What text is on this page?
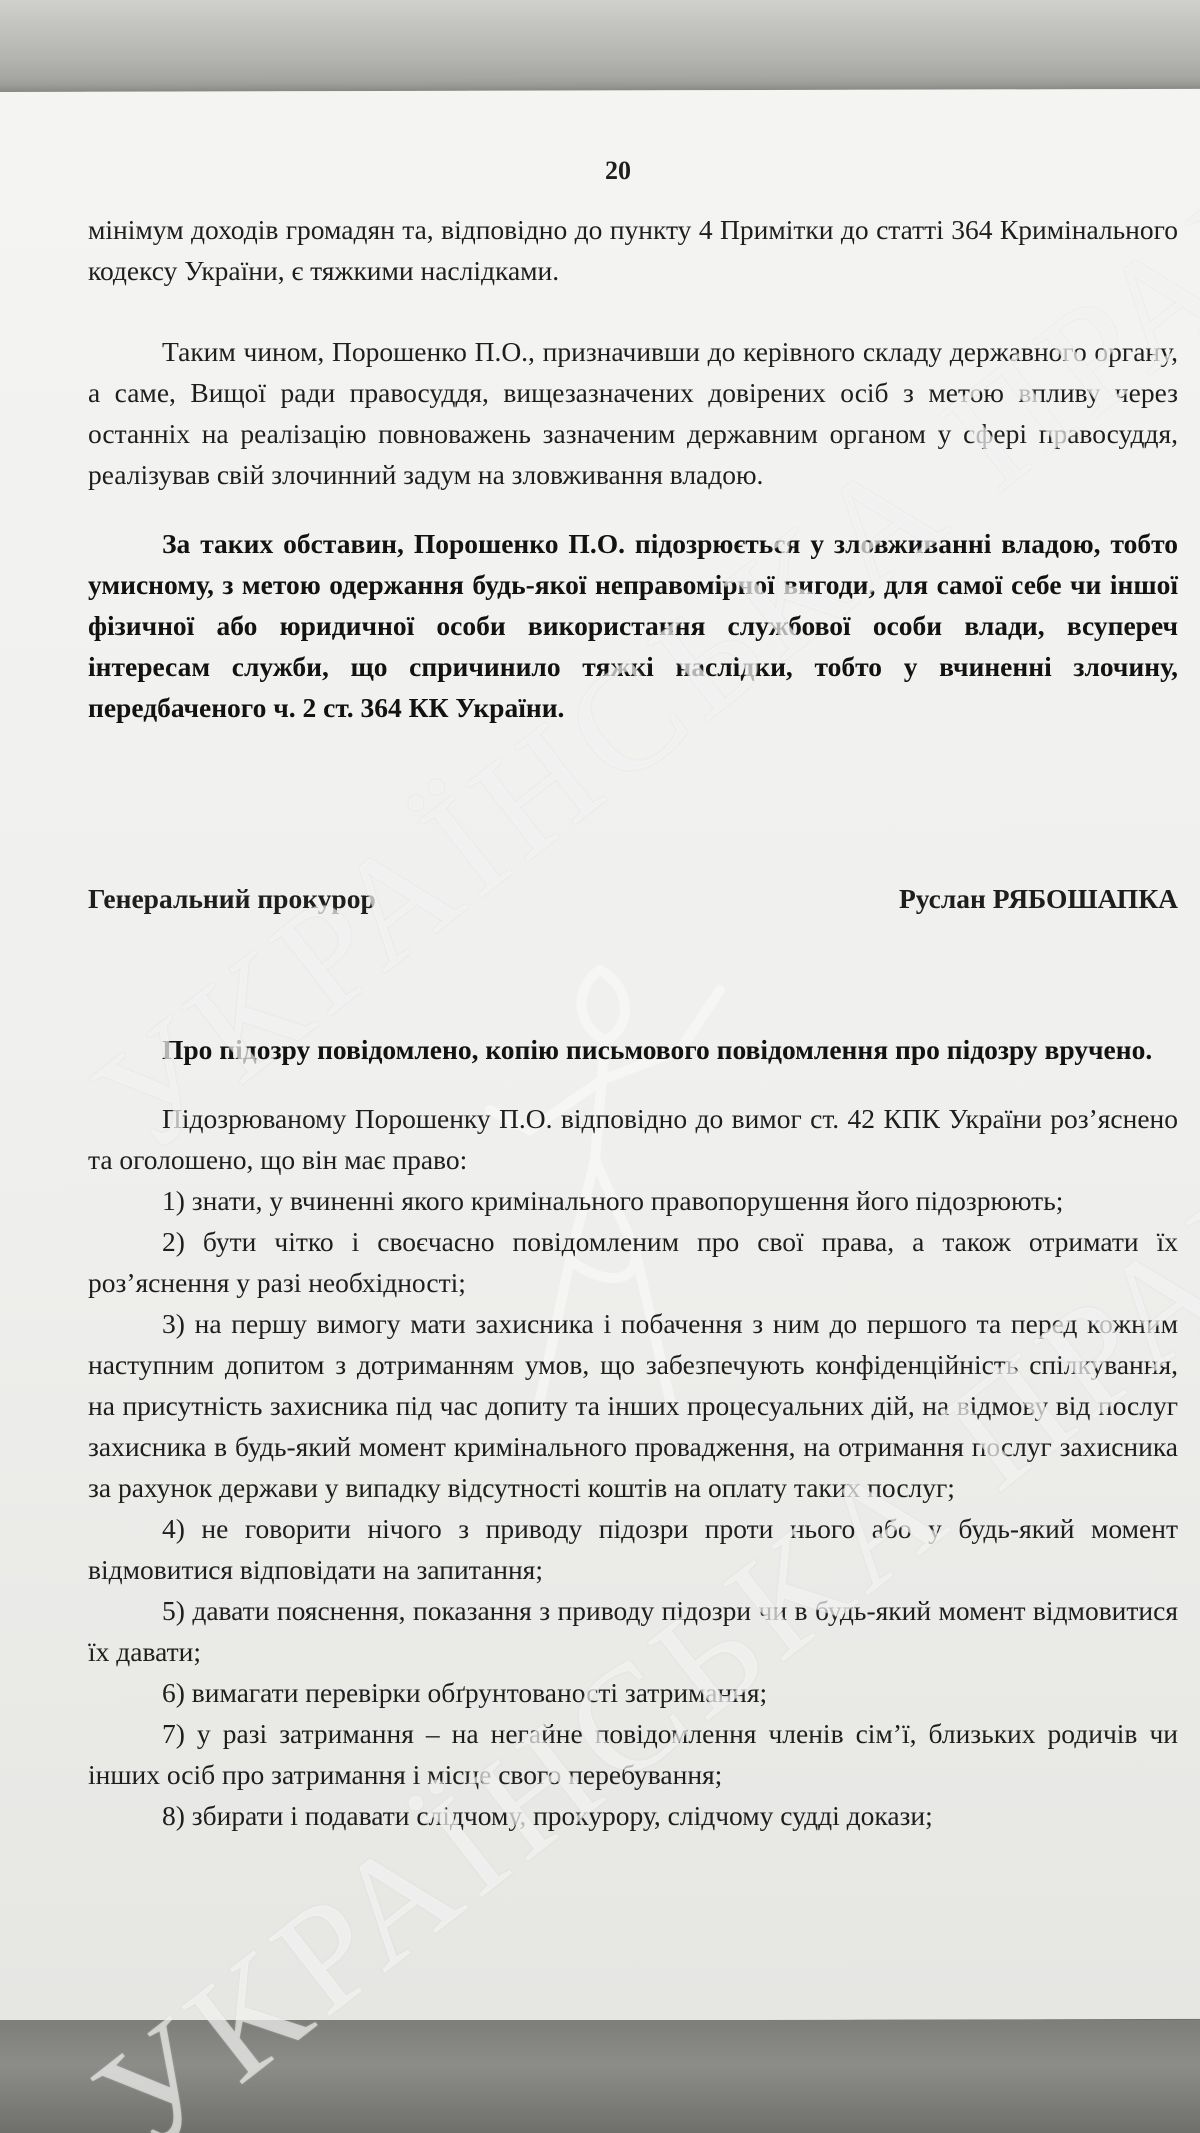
20

мінімум доходів громадян та, відповідно до пункту 4 Примітки до статті 364 Кримінального кодексу України, є тяжкими наслідками.

Таким чином, Порошенко П.О., призначивши до керівного складу державного органу, а саме, Вищої ради правосуддя, вищезазначених довірених осіб з метою впливу через останніх на реалізацію повноважень зазначеним державним органом у сфері правосуддя, реалізував свій злочинний задум на зловживання владою.

За таких обставин, Порошенко П.О. підозрюється у зловживанні владою, тобто умисному, з метою одержання будь-якої неправомірної вигоди, для самої себе чи іншої фізичної або юридичної особи використання службової особи влади, всупереч інтересам служби, що спричинило тяжкі наслідки, тобто у вчиненні злочину, передбаченого ч. 2 ст. 364 КК України.

Генеральний прокурор	Руслан РЯБОШАПКА

Про підозру повідомлено, копію письмового повідомлення про підозру вручено.

Підозрюваному Порошенку П.О. відповідно до вимог ст. 42 КПК України роз’яснено та оголошено, що він має право:

1) знати, у вчиненні якого кримінального правопорушення його підозрюють;

2) бути чітко і своєчасно повідомленим про свої права, а також отримати їх роз’яснення у разі необхідності;

3) на першу вимогу мати захисника і побачення з ним до першого та перед кожним наступним допитом з дотриманням умов, що забезпечують конфіденційність спілкування, на присутність захисника під час допиту та інших процесуальних дій, на відмову від послуг захисника в будь-який момент кримінального провадження, на отримання послуг захисника за рахунок держави у випадку відсутності коштів на оплату таких послуг;

4) не говорити нічого з приводу підозри проти нього або у будь-який момент відмовитися відповідати на запитання;

5) давати пояснення, показання з приводу підозри чи в будь-який момент відмовитися їх давати;

6) вимагати перевірки обґрунтованості затримання;

7) у разі затримання – на негайне повідомлення членів сім’ї, близьких родичів чи інших осіб про затримання і місце свого перебування;

8) збирати і подавати слідчому, прокурору, слідчому судді докази;
